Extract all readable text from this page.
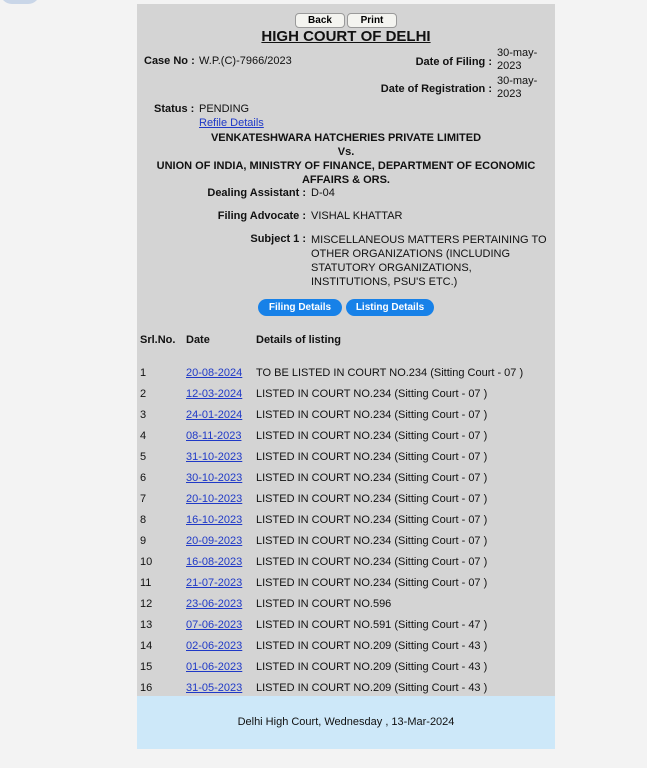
Back	Print
HIGH COURT OF DELHI
Case No : W.P.(C)-7966/2023	Date of Filing :
30-may-
2023
Date of Registration :
30-may-
2023
Status : PENDING
Refile Details
VENKATESHWARA HATCHERIES PRIVATE LIMITED
Vs.
UNION OF INDIA, MINISTRY OF FINANCE, DEPARTMENT OF ECONOMIC
AFFAIRS & ORS.
Dealing Assistant : D-04
Filing Advocate : VISHAL KHATTAR
Subject 1 : MISCELLANEOUS MATTERS PERTAINING TO
OTHER ORGANIZATIONS (INCLUDING
STATUTORY ORGANIZATIONS,
INSTITUTIONS, PSU'S ETC.)
Filing Details	Listing Details
Srl.No. Date	Details of listing
1	20-08-2024 TO BE LISTED IN COURT NO.234 (Sitting Court - 07 )
2	12-03-2024 LISTED IN COURT NO.234 (Sitting Court - 07 )
3	24-01-2024 LISTED IN COURT NO.234 (Sitting Court - 07 )
4	08-11-2023 LISTED IN COURT NO.234 (Sitting Court - 07 )
5	31-10-2023 LISTED IN COURT NO.234 (Sitting Court - 07 )
6	30-10-2023 LISTED IN COURT NO.234 (Sitting Court - 07 )
7	20-10-2023 LISTED IN COURT NO.234 (Sitting Court - 07 )
8	16-10-2023 LISTED IN COURT NO.234 (Sitting Court - 07 )
9	20-09-2023 LISTED IN COURT NO.234 (Sitting Court - 07 )
10	16-08-2023 LISTED IN COURT NO.234 (Sitting Court - 07 )
11	21-07-2023 LISTED IN COURT NO.234 (Sitting Court - 07 )
12	23-06-2023 LISTED IN COURT NO.596
13	07-06-2023 LISTED IN COURT NO.591 (Sitting Court - 47 )
14	02-06-2023 LISTED IN COURT NO.209 (Sitting Court - 43 )
15	01-06-2023 LISTED IN COURT NO.209 (Sitting Court - 43 )
16	31-05-2023 LISTED IN COURT NO.209 (Sitting Court - 43 )
Delhi High Court, Wednesday , 13-Mar-2024
